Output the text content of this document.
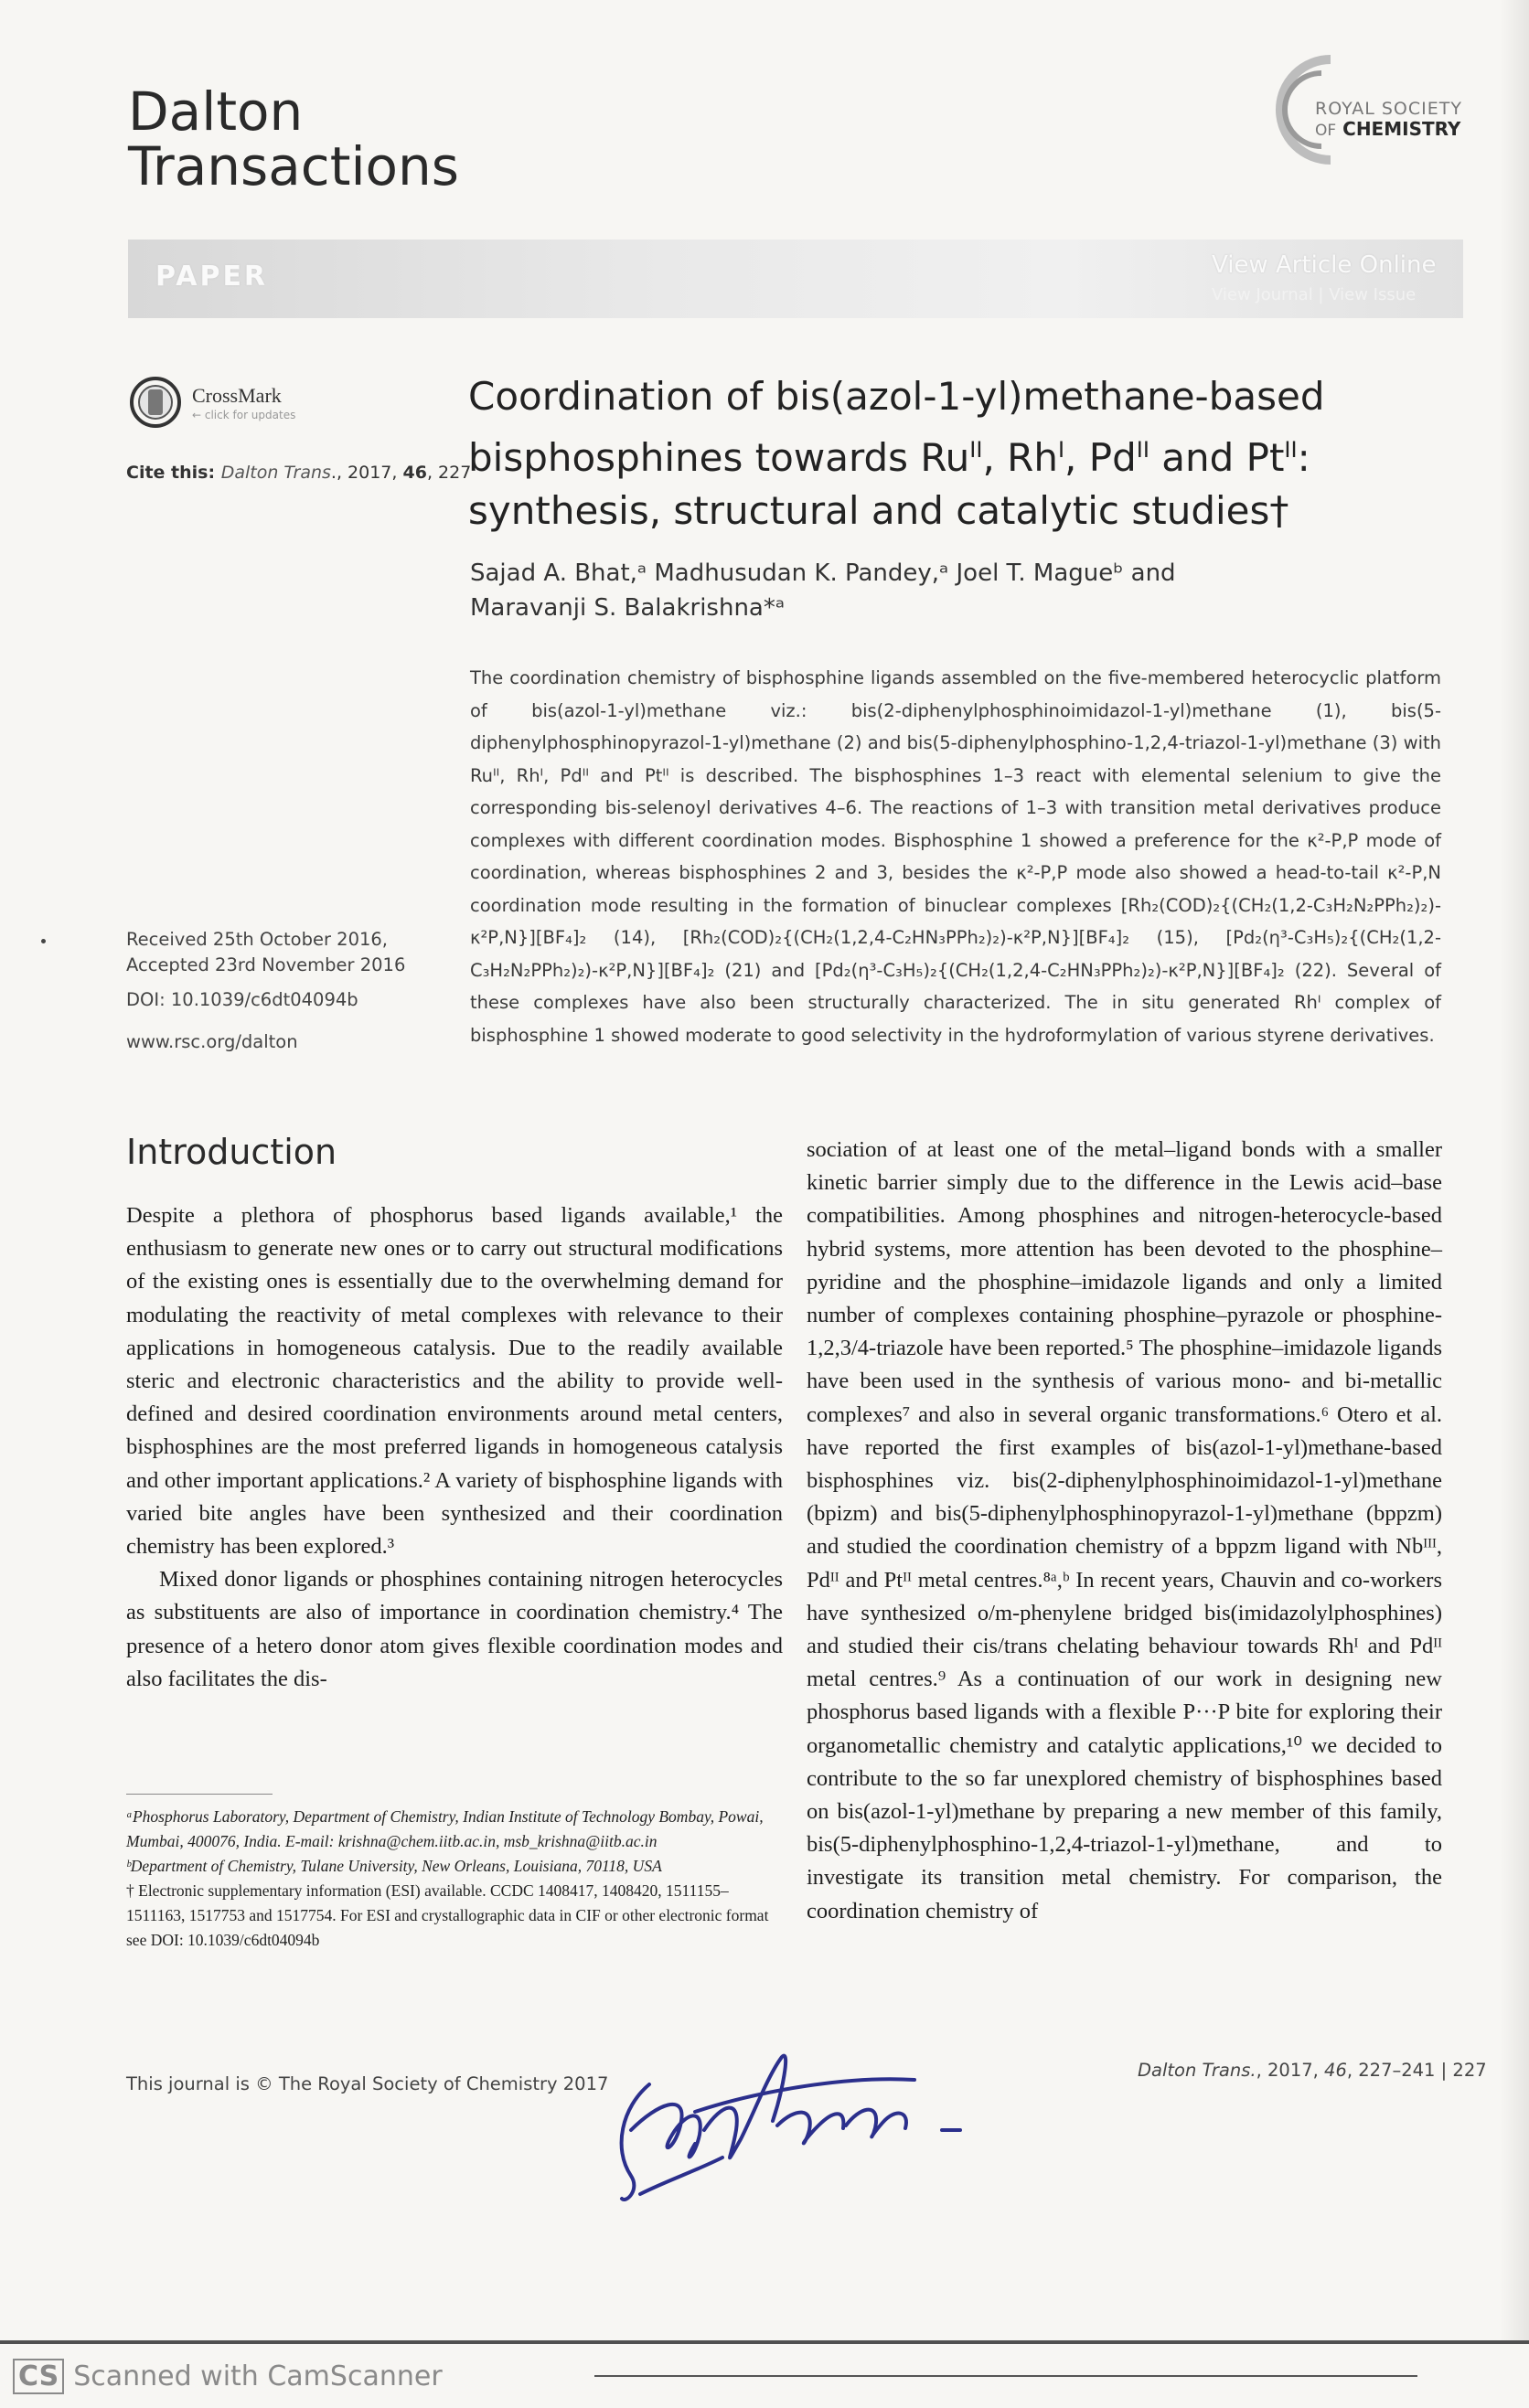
Dalton
Transactions
ROYAL SOCIETY
OF CHEMISTRY
PAPER	View Article Online
View Journal | View Issue
CrossMark
← click for updates
Cite this: Dalton Trans., 2017, 46, 227
Coordination of bis(azol-1-yl)methane-based
bisphosphines towards $Ru^{II}$, $Rh^I$, $Pd^{II}$ and $Pt^{II}$:
synthesis, structural and catalytic studies†
Sajad A. Bhat,ᵃ Madhusudan K. Pandey,ᵃ Joel T. Magueᵇ and
Maravanji S. Balakrishna*ᵃ
The coordination chemistry of bisphosphine ligands assembled on the five-membered heterocyclic platform of bis(azol-1-yl)methane viz.: bis(2-diphenylphosphinoimidazol-1-yl)methane (1), bis(5-diphenylphosphinopyrazol-1-yl)methane (2) and bis(5-diphenylphosphino-1,2,4-triazol-1-yl)methane (3) with Ruᴵᴵ, Rhᴵ, Pdᴵᴵ and Ptᴵᴵ is described. The bisphosphines 1–3 react with elemental selenium to give the corresponding bis-selenoyl derivatives 4–6. The reactions of 1–3 with transition metal derivatives produce complexes with different coordination modes. Bisphosphine 1 showed a preference for the κ²-P,P mode of coordination, whereas bisphosphines 2 and 3, besides the κ²-P,P mode also showed a head-to-tail κ²-P,N coordination mode resulting in the formation of binuclear complexes [Rh₂(COD)₂{(CH₂(1,2-C₃H₂N₂PPh₂)₂)-κ²P,N}][BF₄]₂ (14), [Rh₂(COD)₂{(CH₂(1,2,4-C₂HN₃PPh₂)₂)-κ²P,N}][BF₄]₂ (15), [Pd₂(η³-C₃H₅)₂{(CH₂(1,2-C₃H₂N₂PPh₂)₂)-κ²P,N}][BF₄]₂ (21) and [Pd₂(η³-C₃H₅)₂{(CH₂(1,2,4-C₂HN₃PPh₂)₂)-κ²P,N}][BF₄]₂ (22). Several of these complexes have also been structurally characterized. The in situ generated Rhᴵ complex of bisphosphine 1 showed moderate to good selectivity in the hydroformylation of various styrene derivatives.
Received 25th October 2016,
Accepted 23rd November 2016
DOI: 10.1039/c6dt04094b
www.rsc.org/dalton
Introduction

Despite a plethora of phosphorus based ligands available,¹ the enthusiasm to generate new ones or to carry out structural modifications of the existing ones is essentially due to the overwhelming demand for modulating the reactivity of metal complexes with relevance to their applications in homogeneous catalysis. Due to the readily available steric and electronic characteristics and the ability to provide well-defined and desired coordination environments around metal centers, bisphosphines are the most preferred ligands in homogeneous catalysis and other important applications.² A variety of bisphosphine ligands with varied bite angles have been synthesized and their coordination chemistry has been explored.³

Mixed donor ligands or phosphines containing nitrogen heterocycles as substituents are also of importance in coordination chemistry.⁴ The presence of a hetero donor atom gives flexible coordination modes and also facilitates the dis-

sociation of at least one of the metal–ligand bonds with a smaller kinetic barrier simply due to the difference in the Lewis acid–base compatibilities. Among phosphines and nitrogen-heterocycle-based hybrid systems, more attention has been devoted to the phosphine–pyridine and the phosphine–imidazole ligands and only a limited number of complexes containing phosphine–pyrazole or phosphine-1,2,3/4-triazole have been reported.⁵ The phosphine–imidazole ligands have been used in the synthesis of various mono- and bi-metallic complexes⁷ and also in several organic transformations.⁶ Otero et al. have reported the first examples of bis(azol-1-yl)methane-based bisphosphines viz. bis(2-diphenylphosphinoimidazol-1-yl)methane (bpizm) and bis(5-diphenylphosphinopyrazol-1-yl)methane (bppzm) and studied the coordination chemistry of a bppzm ligand with Nbᴵᴵᴵ, Pdᴵᴵ and Ptᴵᴵ metal centres.⁸ᵃ,ᵇ In recent years, Chauvin and co-workers have synthesized o/m-phenylene bridged bis(imidazolylphosphines) and studied their cis/trans chelating behaviour towards Rhᴵ and Pdᴵᴵ metal centres.⁹ As a continuation of our work in designing new phosphorus based ligands with a flexible P···P bite for exploring their organometallic chemistry and catalytic applications,¹⁰ we decided to contribute to the so far unexplored chemistry of bisphosphines based on bis(azol-1-yl)methane by preparing a new member of this family, bis(5-diphenylphosphino-1,2,4-triazol-1-yl)methane, and to investigate its transition metal chemistry. For comparison, the coordination chemistry of

ᵃPhosphorus Laboratory, Department of Chemistry, Indian Institute of Technology Bombay, Powai, Mumbai, 400076, India. E-mail: krishna@chem.iitb.ac.in, msb_krishna@iitb.ac.in

ᵇDepartment of Chemistry, Tulane University, New Orleans, Louisiana, 70118, USA

† Electronic supplementary information (ESI) available. CCDC 1408417, 1408420, 1511155–1511163, 1517753 and 1517754. For ESI and crystallographic data in CIF or other electronic format see DOI: 10.1039/c6dt04094b

This journal is © The Royal Society of Chemistry 2017
Dalton Trans., 2017, 46, 227–241 | 227
CS Scanned with CamScanner
